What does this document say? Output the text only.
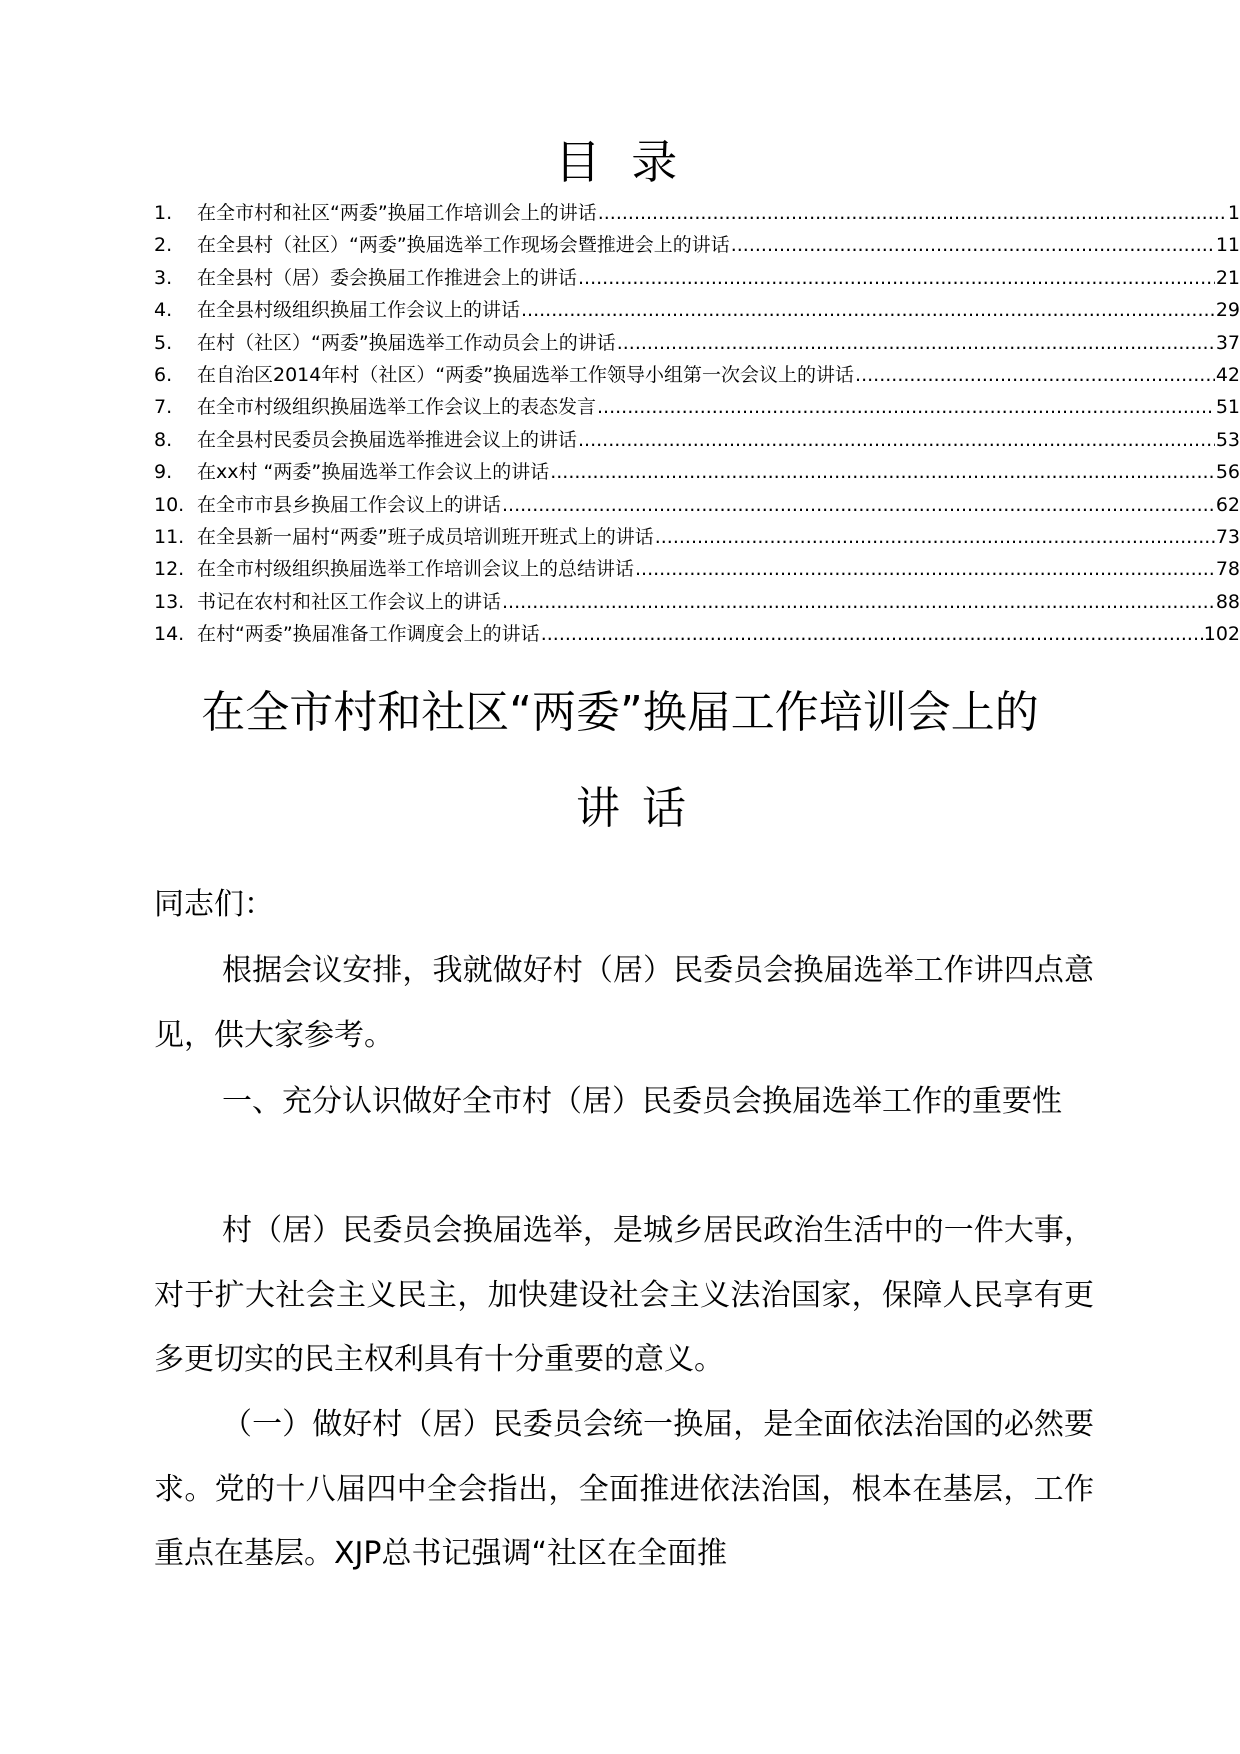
目 录
1.	在全市村和社区“两委”换届工作培训会上的讲话 .....	1
2.	在全县村（社区）“两委”换届选举工作现场会暨推进会上的讲话 .....	11
3.	在全县村（居）委会换届工作推进会上的讲话 .....	21
4.	在全县村级组织换届工作会议上的讲话 .....	29
5.	在村（社区）“两委”换届选举工作动员会上的讲话 .....	37
6.	在自治区2014年村（社区）“两委”换届选举工作领导小组第一次会议上的讲话 .....	42
7.	在全市村级组织换届选举工作会议上的表态发言 .....	51
8.	在全县村民委员会换届选举推进会议上的讲话 .....	53
9.	在xx村 “两委”换届选举工作会议上的讲话 .....	56
10. 在全市市县乡换届工作会议上的讲话 .....	62
11. 在全县新一届村“两委”班子成员培训班开班式上的讲话 .....	73
12. 在全市村级组织换届选举工作培训会议上的总结讲话 .....	78
13. 书记在农村和社区工作会议上的讲话 .....	88
14. 在村“两委”换届准备工作调度会上的讲话 .....	102
在全市村和社区“两委”换届工作培训会上的
讲话
同志们：
根据会议安排，我就做好村（居）民委员会换届选举工作讲四点意见，供大家参考。
一、充分认识做好全市村（居）民委员会换届选举工作的重要性
村（居）民委员会换届选举，是城乡居民政治生活中的一件大事，对于扩大社会主义民主，加快建设社会主义法治国家，保障人民享有更多更切实的民主权利具有十分重要的意义。
（一）做好村（居）民委员会统一换届，是全面依法治国的必然要求。党的十八届四中全会指出，全面推进依法治国，根本在基层，工作重点在基层。XJP总书记强调“社区在全面推
